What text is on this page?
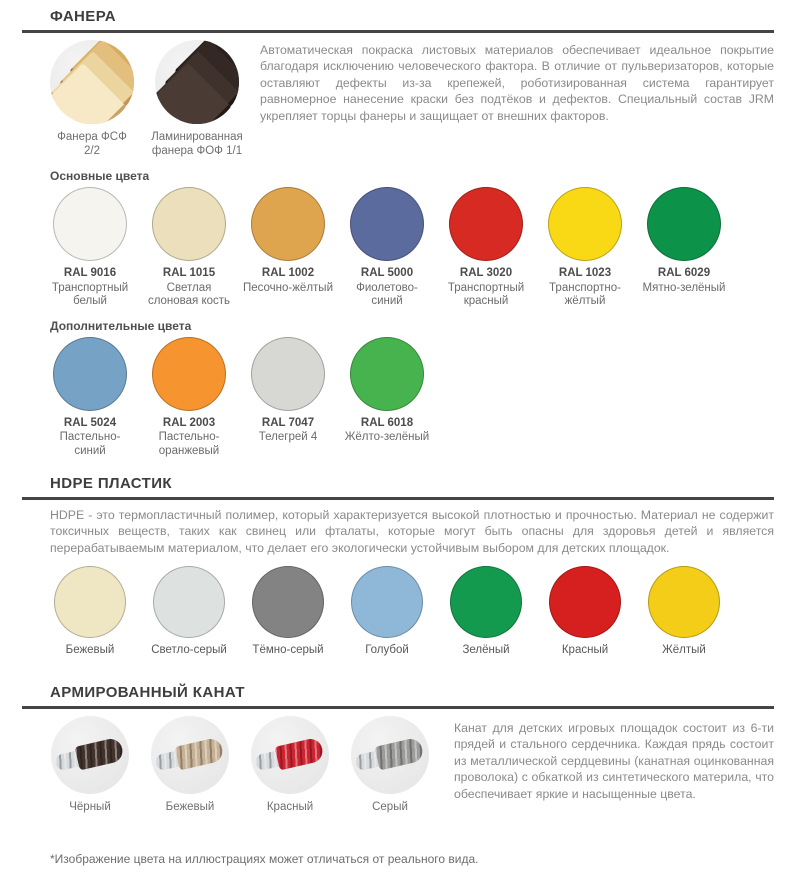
ФАНЕРА
Фанера ФСФ 2/2
Ламинированная фанера ФОФ 1/1

Автоматическая покраска листовых материалов обеспечивает идеальное покрытие благодаря исключению человеческого фактора. В отличие от пульверизаторов, которые оставляют дефекты из-за крепежей, роботизированная система гарантирует равномерное нанесение краски без подтёков и дефектов. Специальный состав JRM укрепляет торцы фанеры и защищает от внешних факторов.

Основные цвета
RAL 9016
Транспортный белый
RAL 1015
Светлая слоновая кость
RAL 1002
Песочно-жёлтый
RAL 5000
Фиолетово-синий
RAL 3020
Транспортный красный
RAL 1023
Транспортно-жёлтый
RAL 6029
Мятно-зелёный
Дополнительные цвета
RAL 5024
Пастельно-синий
RAL 2003
Пастельно-оранжевый
RAL 7047
Телегрей 4
RAL 6018
Жёлто-зелёный
HDPE ПЛАСТИК

HDPE - это термопластичный полимер, который характеризуется высокой плотностью и прочностью. Материал не содержит токсичных веществ, таких как свинец или фталаты, которые могут быть опасны для здоровья детей и является перерабатываемым материалом, что делает его экологически устойчивым выбором для детских площадок.

Бежевый	Светло-серый	Тёмно-серый	Голубой	Зелёный	Красный	Жёлтый
АРМИРОВАННЫЙ КАНАТ
Чёрный	Бежевый	Красный	Серый

Канат для детских игровых площадок состоит из 6-ти прядей и стального сердечника. Каждая прядь состоит из металлической сердцевины (канатная оцинкованная проволока) с обкаткой из синтетического материла, что обеспечивает яркие и насыщенные цвета.

*Изображение цвета на иллюстрациях может отличаться от реального вида.
